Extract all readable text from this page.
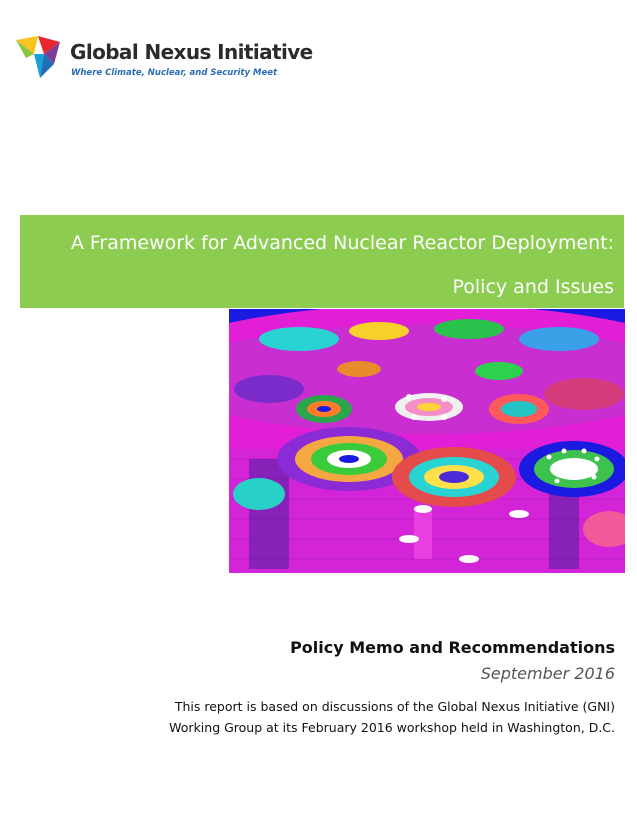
Global Nexus Initiative
Where Climate, Nuclear, and Security Meet
A Framework for Advanced Nuclear Reactor Deployment:
Policy and Issues
Policy Memo and Recommendations
September 2016
This report is based on discussions of the Global Nexus Initiative (GNI)
Working Group at its February 2016 workshop held in Washington, D.C.
